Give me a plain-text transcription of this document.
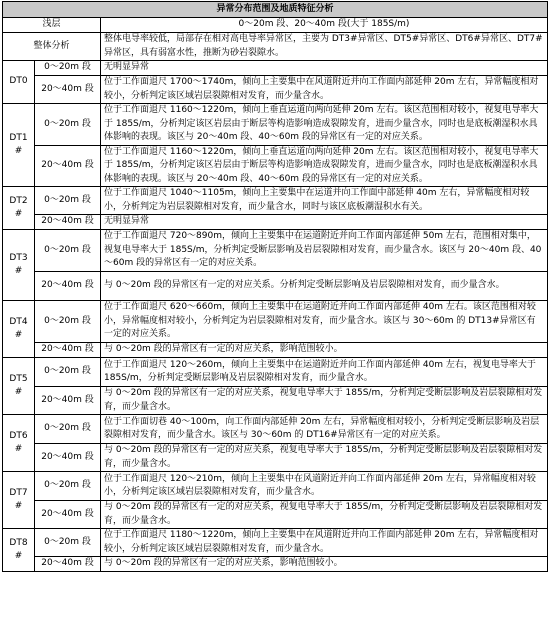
异常分布范围及地质特征分析		
浅层		0～20m 段、20～40m 段(大于 185S/m)
整体分析		整体电导率较低，局部存在相对高电导率异常区，主要为 DT3#异常区、DT5#异常区、DT6#异常区、DT7#异常区，具有弱富水性，推断为砂岩裂隙水。
DT0	0～20m 段	无明显异常
	20～40m 段	位于工作面退尺 1700～1740m，倾向上主要集中在风道附近并向工作面内部延伸 20m 左右，异常幅度相对较小，分析判定该区域岩层裂隙相对发育，而少量含水。
DT1#	0～20m 段	位于工作面退尺 1160～1220m，倾向上垂直运道向两向延伸 20m 左右。该区范围相对较小，视复电导率大于 185S/m，分析判定该区岩层由于断层等构造影响造成裂隙发育，进而少量含水，同时也是底板潮湿积水具体影响的表现。该区与 20～40m 段、40～60m 段的异常区有一定的对应关系。
	20～40m 段	位于工作面退尺 1160～1220m，倾向上垂直运道向两向延伸 20m 左右。该区范围相对较小，视复电导率大于 185S/m，分析判定该区岩层由于断层等构造影响造成裂隙发育，进而少量含水，同时也是底板潮湿积水具体影响的表现。该区与 20～40m 段、40～60m 段的异常区有一定的对应关系。
DT2#	0～20m 段	位于工作面退尺 1040～1105m，倾向上主要集中在运道并向工作面中部延伸 40m 左右，异常幅度相对较小，分析判定为岩层裂隙相对发育，而少量含水，同时与该区底板潮湿积水有关。
	20～40m 段	无明显异常
DT3#	0～20m 段	位于工作面退尺 720～890m，倾向上主要集中在运道附近并向工作面内部延伸 50m 左右，范围相对集中，视复电导率大于 185S/m，分析判定受断层影响及岩层裂隙相对发育，而少量含水。该区与 20～40m 段、40～60m 段的异常区有一定的对应关系。
	20～40m 段	与 0～20m 段的异常区有一定的对应关系。分析判定受断层影响及岩层裂隙相对发育，而少量含水。
DT4#	0～20m 段	位于工作面退尺 620～660m，倾向上主要集中在运道附近并向工作面内部延伸 40m 左右。该区范围相对较小，异常幅度相对较小，分析判定为岩层裂隙相对发育，而少量含水。该区与 30～60m 的 DT13#异常区有一定的对应关系。
	20～40m 段	与 0～20m 段的异常区有一定的对应关系，影响范围较小。
DT5#	0～20m 段	位于工作面退尺 120～260m，倾向上主要集中在运道附近并向工作面内部延伸 40m 左右，视复电导率大于 185S/m，分析判定受断层影响及岩层裂隙相对发育，而少量含水。
	20～40m 段	与 0～20m 段的异常区有一定的对应关系，视复电导率大于 185S/m，分析判定受断层影响及岩层裂隙相对发育，而少量含水。
DT6#	0～20m 段	位于工作面切巷 40～100m，向工作面内部延伸 20m 左右，异常幅度相对较小，分析判定受断层影响及岩层裂隙相对发育，而少量含水。该区与 30～60m 的 DT16#异常区有一定的对应关系。
	20～40m 段	与 0～20m 段的异常区有一定的对应关系，视复电导率大于 185S/m，分析判定受断层影响及岩层裂隙相对发育，而少量含水。
DT7#	0～20m 段	位于工作面退尺 120～210m，倾向上主要集中在风道附近并向工作面内部延伸 20m 左右，异常幅度相对较小，分析判定该区域岩层裂隙相对发育，而少量含水。
	20～40m 段	与 0～20m 段的异常区有一定的对应关系，视复电导率大于 185S/m，分析判定受断层影响及岩层裂隙相对发育，而少量含水。
DT8#	0～20m 段	位于工作面退尺 1180～1220m，倾向上主要集中在风道附近并向工作面内部延伸 20m 左右，异常幅度相对较小，分析判定该区域岩层裂隙相对发育，而少量含水。
	20～40m 段	与 0～20m 段的异常区有一定的对应关系，影响范围较小。
